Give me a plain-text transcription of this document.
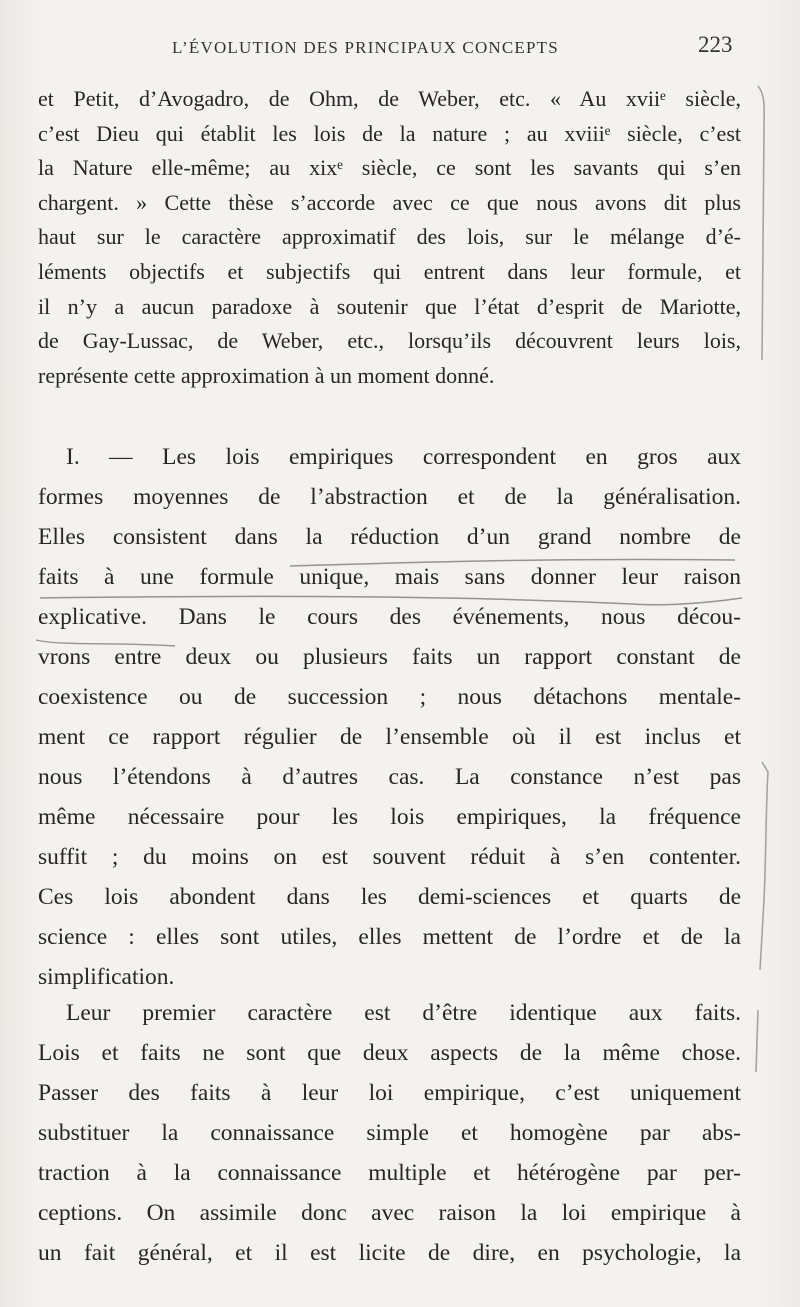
L’ÉVOLUTION DES PRINCIPAUX CONCEPTS	223
et Petit, d’Avogadro, de Ohm, de Weber, etc. « Au xviiᵉ siècle,
c’est Dieu qui établit les lois de la nature ; au xviiiᵉ siècle, c’est
la Nature elle-même; au xixᵉ siècle, ce sont les savants qui s’en
chargent. » Cette thèse s’accorde avec ce que nous avons dit plus
haut sur le caractère approximatif des lois, sur le mélange d’é-
léments objectifs et subjectifs qui entrent dans leur formule, et
il n’y a aucun paradoxe à soutenir que l’état d’esprit de Mariotte,
de Gay-Lussac, de Weber, etc., lorsqu’ils découvrent leurs lois,
représente cette approximation à un moment donné.
I. — Les lois empiriques correspondent en gros aux
formes moyennes de l’abstraction et de la généralisation.
Elles consistent dans la réduction d’un grand nombre de
faits à une formule unique, mais sans donner leur raison
explicative. Dans le cours des événements, nous décou-
vrons entre deux ou plusieurs faits un rapport constant de
coexistence ou de succession ; nous détachons mentale-
ment ce rapport régulier de l’ensemble où il est inclus et
nous l’étendons à d’autres cas. La constance n’est pas
même nécessaire pour les lois empiriques, la fréquence
suffit ; du moins on est souvent réduit à s’en contenter.
Ces lois abondent dans les demi-sciences et quarts de
science : elles sont utiles, elles mettent de l’ordre et de la
simplification.
Leur premier caractère est d’être identique aux faits.
Lois et faits ne sont que deux aspects de la même chose.
Passer des faits à leur loi empirique, c’est uniquement
substituer la connaissance simple et homogène par abs-
traction à la connaissance multiple et hétérogène par per-
ceptions. On assimile donc avec raison la loi empirique à
un fait général, et il est licite de dire, en psychologie, la
